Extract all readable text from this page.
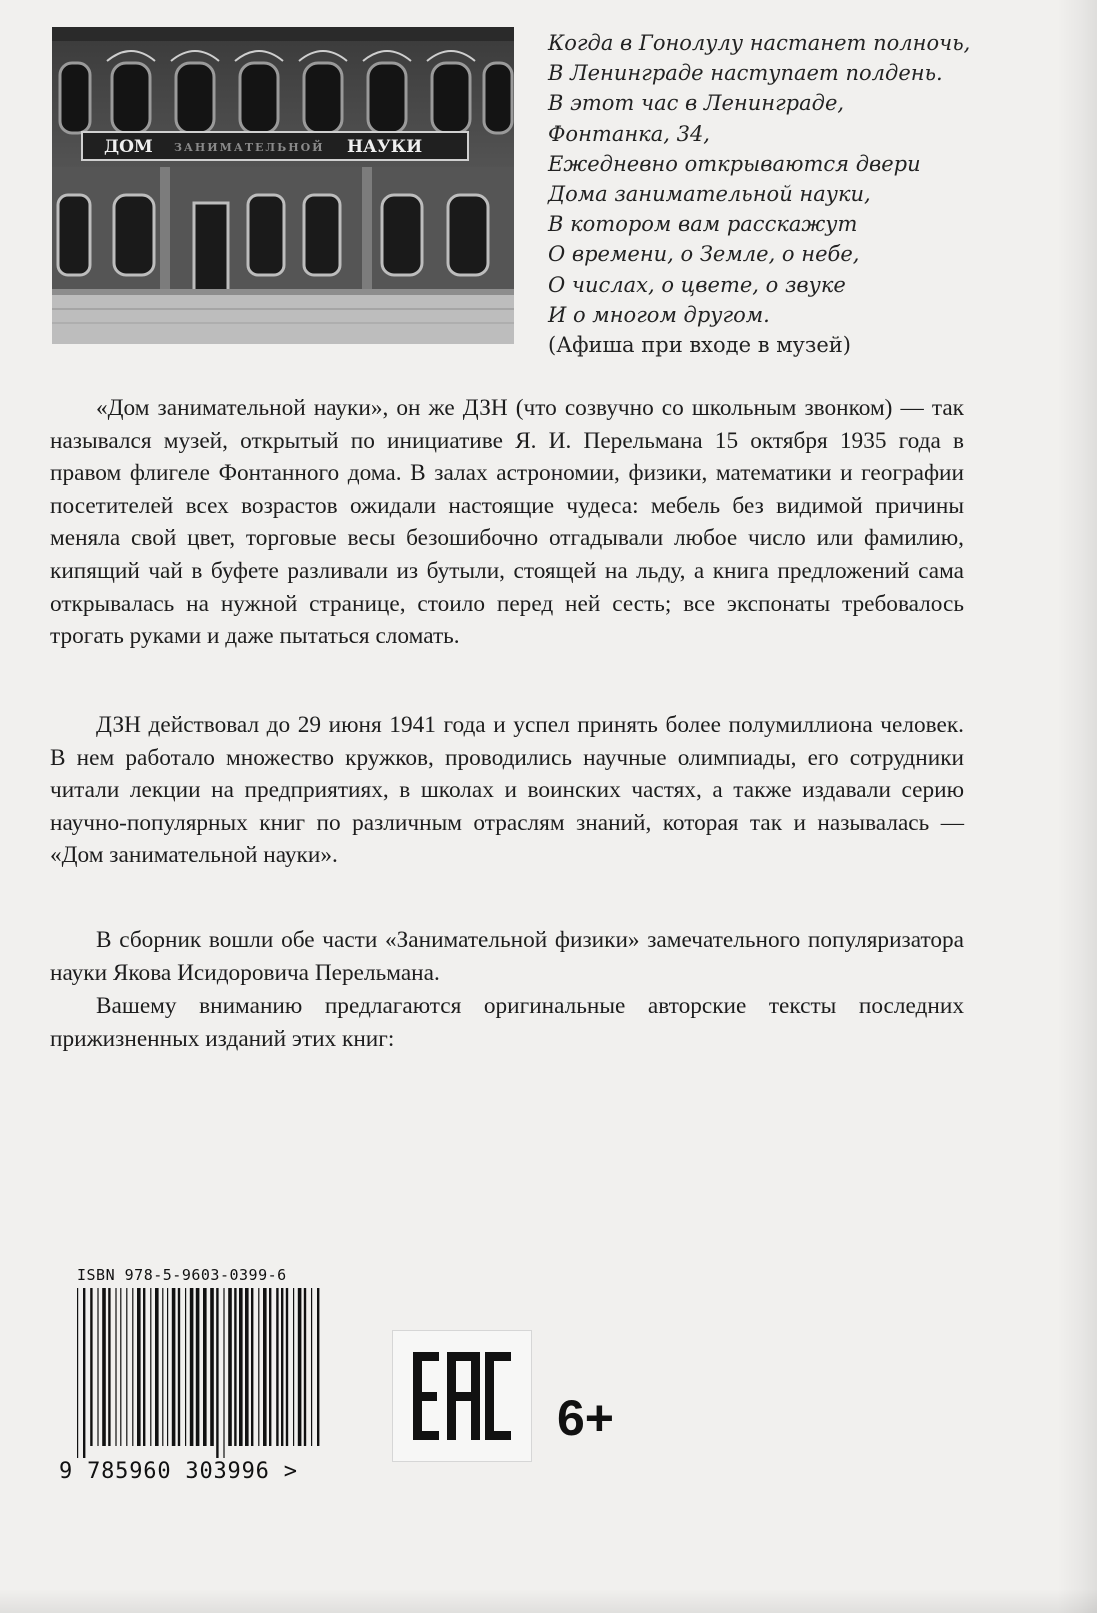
ДОМ ЗАНИМАТЕЛЬНОЙ НАУКИ
Когда в Гонолулу настанет полночь,
В Ленинграде наступает полдень.
В этот час в Ленинграде,
Фонтанка, 34,
Ежедневно открываются двери
Дома занимательной науки,
В котором вам расскажут
О времени, о Земле, о небе,
О числах, о цвете, о звуке
И о многом другом.
(Афиша при входе в музей)
«Дом занимательной науки», он же ДЗН (что созвучно со школьным звонком) — так назывался музей, открытый по инициативе Я. И. Перельмана 15 октября 1935 года в правом флигеле Фонтанного дома. В залах астрономии, физики, математики и географии посетителей всех возрастов ожидали настоящие чудеса: мебель без видимой причины меняла свой цвет, торговые весы безошибочно отгадывали любое число или фамилию, кипящий чай в буфете разливали из бутыли, стоящей на льду, а книга предложений сама открывалась на нужной странице, стоило перед ней сесть; все экспонаты требовалось трогать руками и даже пытаться сломать.
ДЗН действовал до 29 июня 1941 года и успел принять более полумиллиона человек. В нем работало множество кружков, проводились научные олимпиады, его сотрудники читали лекции на предприятиях, в школах и воинских частях, а также издавали серию научно-популярных книг по различным отраслям знаний, которая так и называлась — «Дом занимательной науки».
В сборник вошли обе части «Занимательной физики» замечательного популяризатора науки Якова Исидоровича Перельмана.
Вашему вниманию предлагаются оригинальные авторские тексты последних прижизненных изданий этих книг:
ISBN 978-5-9603-0399-6
9 785960 303996 >
6+
